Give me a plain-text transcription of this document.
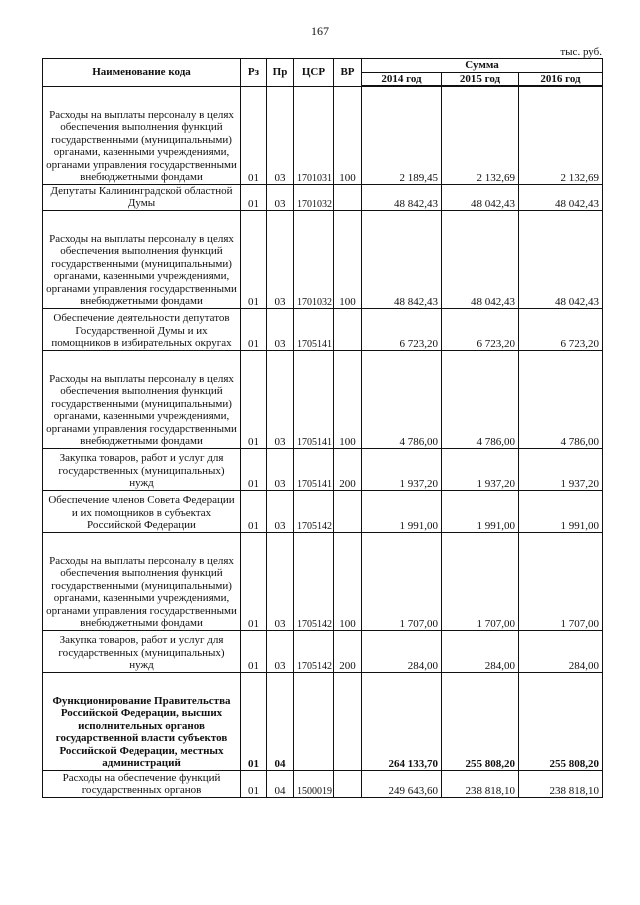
167
тыс. руб.
Наименование кода	Рз	Пр	ЦСР	ВР	Сумма		
					2014 год	2015 год	2016 год
Расходы на выплаты персоналу в целях обеспечения выполнения функций государственными (муниципальными) органами, казенными учреждениями, органами управления государственными внебюджетными фондами	01	03	1701031	100	2 189,45	2 132,69	2 132,69
Депутаты Калининградской областной Думы	01	03	1701032		48 842,43	48 042,43	48 042,43
Расходы на выплаты персоналу в целях обеспечения выполнения функций государственными (муниципальными) органами, казенными учреждениями, органами управления государственными внебюджетными фондами	01	03	1701032	100	48 842,43	48 042,43	48 042,43
Обеспечение деятельности депутатов Государственной Думы и их помощников в избирательных округах	01	03	1705141		6 723,20	6 723,20	6 723,20
Расходы на выплаты персоналу в целях обеспечения выполнения функций государственными (муниципальными) органами, казенными учреждениями, органами управления государственными внебюджетными фондами	01	03	1705141	100	4 786,00	4 786,00	4 786,00
Закупка товаров, работ и услуг для государственных (муниципальных) нужд	01	03	1705141	200	1 937,20	1 937,20	1 937,20
Обеспечение членов Совета Федерации и их помощников в субъектах Российской Федерации	01	03	1705142		1 991,00	1 991,00	1 991,00
Расходы на выплаты персоналу в целях обеспечения выполнения функций государственными (муниципальными) органами, казенными учреждениями, органами управления государственными внебюджетными фондами	01	03	1705142	100	1 707,00	1 707,00	1 707,00
Закупка товаров, работ и услуг для государственных (муниципальных) нужд	01	03	1705142	200	284,00	284,00	284,00
Функционирование Правительства Российской Федерации, высших исполнительных органов государственной власти субъектов Российской Федерации, местных администраций	01	04			264 133,70	255 808,20	255 808,20
Расходы на обеспечение функций государственных органов	01	04	1500019		249 643,60	238 818,10	238 818,10
